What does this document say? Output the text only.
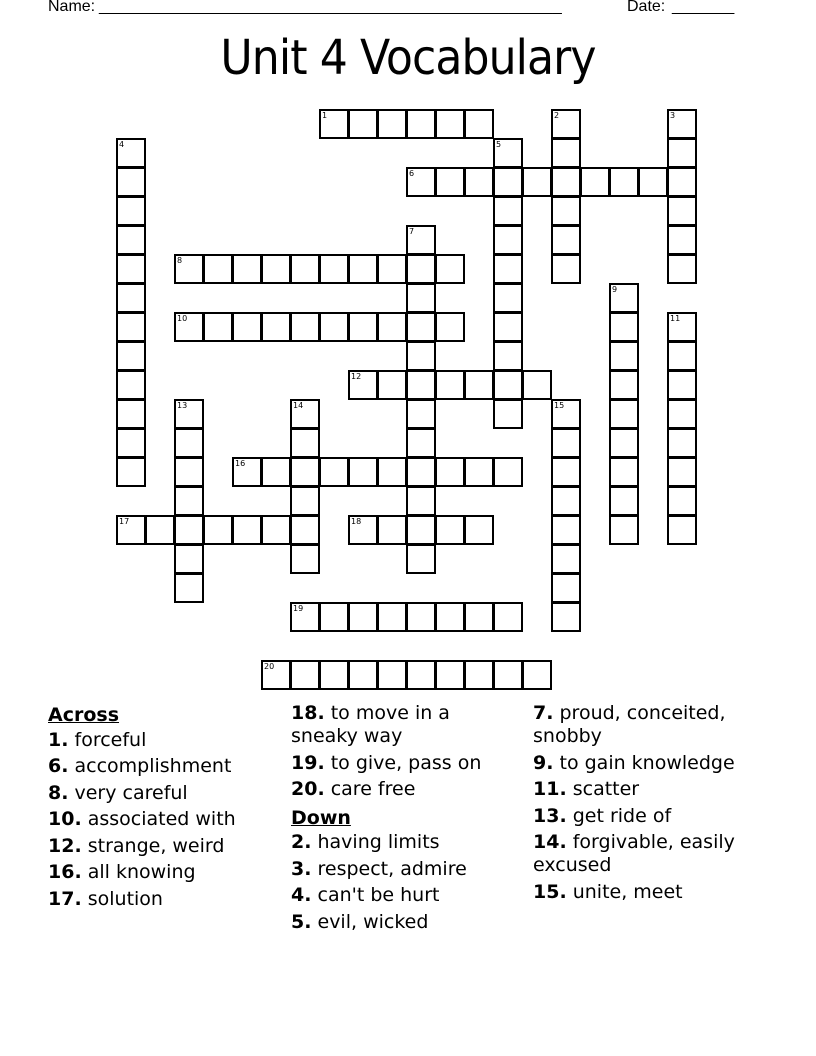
Name: ____________________________________________________	Date: _______
Unit 4 Vocabulary
1	2	3
4	5
6
7
8
9
10	11
12
13	14	15
16
17	18
19
20
Across
1. forceful
6. accomplishment
8. very careful
10. associated with
12. strange, weird
16. all knowing
17. solution
18. to move in a sneaky way
19. to give, pass on
20. care free
Down
2. having limits
3. respect, admire
4. can't be hurt
5. evil, wicked
7. proud, conceited, snobby
9. to gain knowledge
11. scatter
13. get ride of
14. forgivable, easily excused
15. unite, meet
